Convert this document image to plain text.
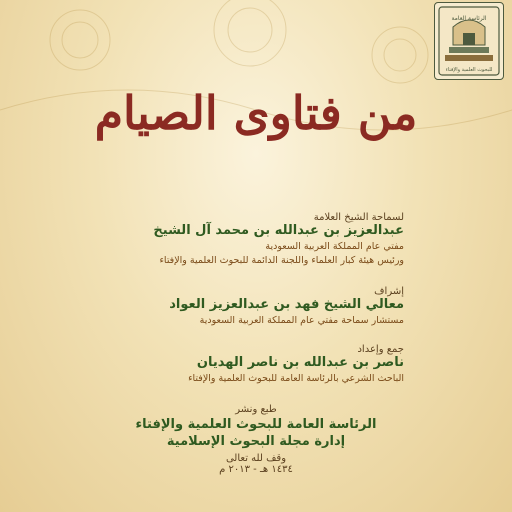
الرئاسة العامة
للبحوث العلمية والإفتاء
من فتاوى الصيام
لسماحة الشيخ العلامة
عبدالعزيز بن عبدالله بن محمد آل الشيخ
مفتي عام المملكة العربية السعودية
ورئيس هيئة كبار العلماء واللجنة الدائمة للبحوث العلمية والإفتاء
إشراف
معالي الشيخ فهد بن عبدالعزيز العواد
مستشار سماحة مفتي عام المملكة العربية السعودية
جمع وإعداد
ناصر بن عبدالله بن ناصر الهديان
الباحث الشرعي بالرئاسة العامة للبحوث العلمية والإفتاء
طبع ونشر
الرئاسة العامة للبحوث العلمية والإفتاء
إدارة مجلة البحوث الإسلامية
وقف لله تعالى
١٤٣٤ هـ - ٢٠١٣ م
